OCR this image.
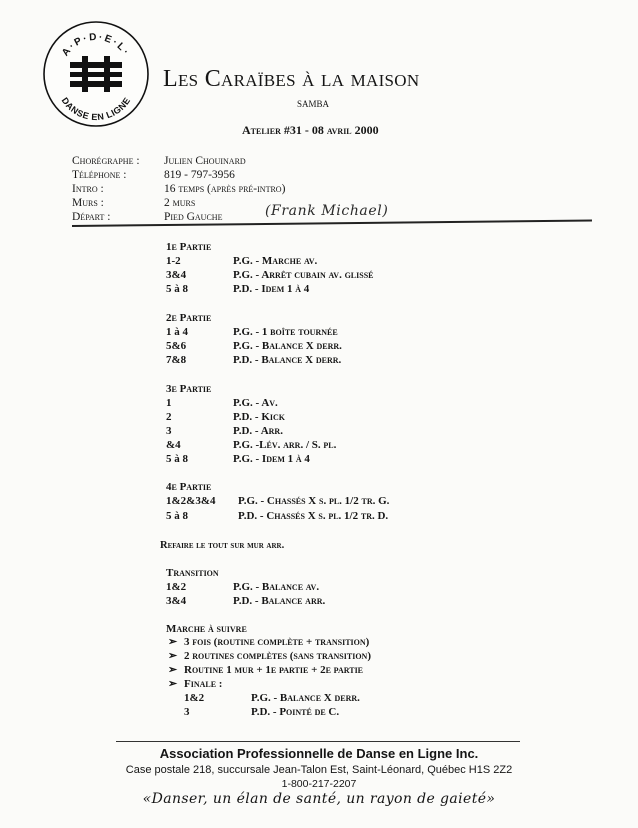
A·P·D·E·L·
DANSE EN LIGNE
Les Caraïbes à la maison
SAMBA
Atelier #31 - 08 avril 2000
Chorégraphe : Julien Chouinard
Téléphone :	819 - 797-3956
Intro :	16 temps (après pré-intro)
Murs :	2 murs
Départ :	Pied Gauche	(Frank Michael)
1e Partie
1-2	P.G. - Marche av.
3&4	P.G. - Arrêt cubain av. glissé
5 à 8	P.D. - Idem 1 à 4
2e Partie
1 à 4	P.G. - 1 boîte tournée
5&6	P.G. - Balance X derr.
7&8	P.D. - Balance X derr.
3e Partie
1	P.G. - Av.
2	P.D. - Kick
3	P.D. - Arr.
&4	P.G. -Lév. arr. / S. pl.
5 à 8	P.G. - Idem 1 à 4
4e Partie
1&2&3&4 P.G. - Chassés X s. pl. 1/2 tr. G.
5 à 8	P.D. - Chassés X s. pl. 1/2 tr. D.
Refaire le tout sur mur arr.
Transition
1&2	P.G. - Balance av.
3&4	P.D. - Balance arr.
Marche à suivre
➢ 3 fois (routine complète + transition)
➢ 2 routines complètes (sans transition)
➢ Routine 1 mur + 1e partie + 2e partie
➢ Finale :
1&2	P.G. - Balance X derr.
3	P.D. - Pointé de C.
Association Professionnelle de Danse en Ligne Inc.
Case postale 218, succursale Jean-Talon Est, Saint-Léonard, Québec H1S 2Z2
1-800-217-2207
«Danser, un élan de santé, un rayon de gaieté»
